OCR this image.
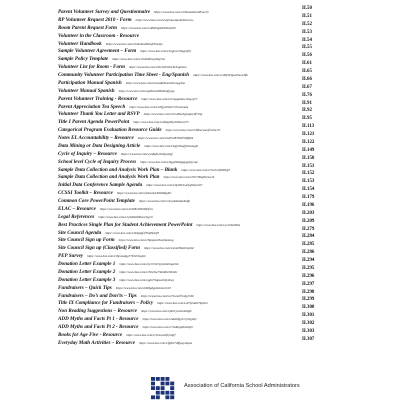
Parent Volunteer Survey and Questionnaire https://www.box.com/s/18ma4t6ahxd3uu1rh
II.50
RP Volunteer Request 2010 - Form https://www.box.com/s/t2p5uax4pu4thzzbo1cw
II.51
Room Parent Request Form https://www.box.com/s/n8l9mqbkb59mxtk59
II.52
Volunteer in the Classroom - Resource
II.53
Volunteer Handbook https://www.box.com/s/3t0ndmu9b0ufz39yxtju
II.54
Sample Volunteer Agreement – Form https://www.box.com/s/bygmwr7dgqnfeft
II.55
Sample Policy Template https://www.box.com/s/7oa0d65cgs0ap7as
II.56
Volunteer List for Room - Form https://www.box.com/s/9vcbilt3oblr6rbugbmol
II.61
Community Volunteer Participation Time Sheet - Eng/Spanish https://www.box.com/s/w8ty0l3gu20ou4c6fk
II.65
Participation Manual Spanish https://www.box.com/s/ueuadfn04eixd1ungq3ua
II.66
Volunteer Manual Spanish https://www.box.com/s/gz8ewsdil9bbtmfjytgq
II.67
Parent Volunteer Training - Resource https://www.box.com/s/vclogqzzzzw1ebg1g77
II.76
Parent Appreciation Tea Speech https://www.box.com/s/e0fgynt9cbc5i7vwiuaam
II.91
Volunteer Thank You Letter and RSVP https://www.box.com/s/3cvd6z23gmigtzy9f710g
II.92
Title I Parent Agenda PowerPoint https://www.box.com/s/o0bqp0lyeb3btwuv55
II.95
Categorical Program Evaluation Resource Guide https://www.box.com/s/c6f6ucyae4frzvbwi7r
II.113
Notes EL Accountability – Resource https://www.box.com/s/m0rh287b0d73dfjd0k
II.121
Data Mining or Data Designing Article https://www.box.com/s/6gjr0bsqfj3obxmgbj
II.122
Cycle of Inquiry – Resource https://www.box.com/s/yh8pfu10e0pya0gf
II.149
School level Cycle of Inquiry Process https://www.box.com/s/9gg49k0jqpgqgdyjyxqz
II.150
Sample Data Collection and Analysis Work Plan – Blank https://www.box.com/s/3vcirulf28b0lg3
II.151
Sample Data Collection and Analysis Work Plan https://www.box.com/s/0l1706aj0jcnocsh
II.152
Initial Data Conference Sample Agenda https://www.box.com/s/9j49bvh4ofoj9mz2d17
II.153
CCSSI Toolkit – Resource https://www.box.com/s/fxmt2k4rtbb9dbjgt91
II.154
Common Core PowerPoint Template https://www.box.com/s/rexydsdolxkekhtfp
II.179
ELAC – Resource https://www.box.com/s/2s5b8v30h9lbf5f2w
II.196
Legal References https://www.box.com/s/oybk9ze8hbsw7ggrtr
II.203
Best Practices Single Plan for Student Achievement PowerPoint https://www.box.com/s/ycerdsbt0ba
II.209
Site Council Agenda https://www.box.com/s/lmkjdgf1f7ba8jzs0j3
II.279
Site Council Sign up Form https://www.box.com/s/3pnpuen8vwjmk4xug
II.284
Site Council Sign up (Classified) Form https://www.box.com/s/4nzd7kkm9syzkd
II.285
PEP Survey https://www.box.com/s/lbjxsuqkjg77b5xl3ngtnb
II.286
Donation Letter Example 1 https://www.box.com/s/je17ebv7g1dwbhtugs0sb
II.294
Donation Letter Example 2 https://www.box.com/s/7ds2hw73a6ldhc0hm0c
II.295
Donation Letter Example 3 https://www.box.com/s/gpb75apza1bby2kwy
II.296
Fundraisers – Quick Tips https://www.box.com/s/k9bfgdgyzbmiox1h19
II.297
Fundraisers – Do’s and Don’ts – Tips https://www.box.com/s/o7ivcsaf7m4fg72h0
II.298
Title IX Compliance for Fundraisers – Policy https://www.box.com/s/4l7fxmdlx7bjtmrn
II.299
Non Reading Suggestions – Resource https://www.box.com/s/p8vvywb4hbs0pfz
II.300
ADD Myths and Facts Pt 1 - Resource https://www.box.com/s/sdtzbfqylrzrjrmypzfv
II.301
ADD Myths and Facts Pt 2 - Resource https://www.box.com/s/7tvd6gsplhs0ztp5
II.302
Books for Age Five - Resource https://www.box.com/s/7ieneoxhfbyrdjrf
II.303
Everyday Math Activities – Resource https://www.box.com/s/fpf6e7v8fjquyzbq4u
II.307
Association of California School Administrators
